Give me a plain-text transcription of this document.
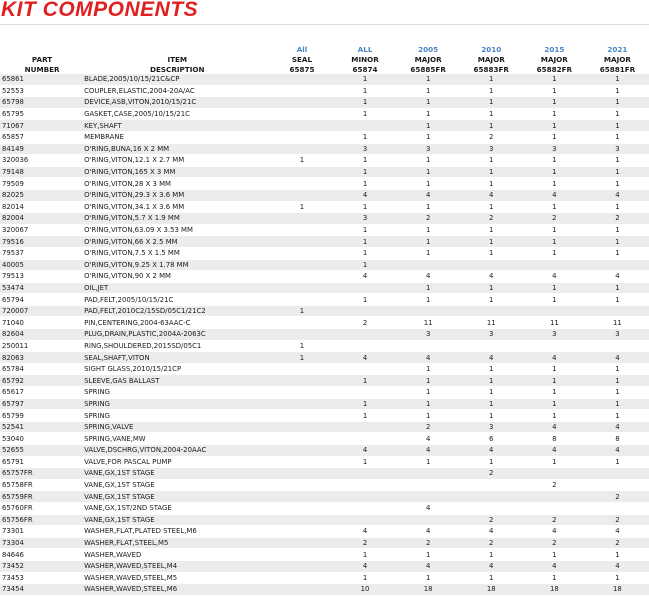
KIT COMPONENTS
		All	ALL	2005	2010	2015	2021
PART	ITEM	SEAL	MINOR	MAJOR	MAJOR	MAJOR	MAJOR
NUMBER	DESCRIPTION	65875	65874	65885FR	65883FR	65882FR	65881FR
65861	BLADE,2005/10/15/21C&CP		1	1	1	1	1
52553	COUPLER,ELASTIC,2004-20A/AC		1	1	1	1	1
65798	DEVICE,ASB,VITON,2010/15/21C		1	1	1	1	1
65795	GASKET,CASE,2005/10/15/21C		1	1	1	1	1
71067	KEY,SHAFT			1	1	1	1
65857	MEMBRANE		1	1	2	1	1
84149	O'RING,BUNA,16 X 2 MM		3	3	3	3	3
320036	O'RING,VITON,12.1 X 2.7 MM	1	1	1	1	1	1
79148	O'RING,VITON,165 X 3 MM		1	1	1	1	1
79509	O'RING,VITON,28 X 3 MM		1	1	1	1	1
82025	O'RING,VITON,29.3 X 3.6 MM		4	4	4	4	4
82014	O'RING,VITON,34.1 X 3.6 MM	1	1	1	1	1	1
82004	O'RING,VITON,5.7 X 1.9 MM		3	2	2	2	2
320067	O'RING,VITON,63.09 X 3.53 MM		1	1	1	1	1
79516	O'RING,VITON,66 X 2.5 MM		1	1	1	1	1
79537	O'RING,VITON,7.5 X 1.5 MM		1	1	1	1	1
40005	O'RING,VITON,9.25 X 1.78 MM		1				
79513	O'RING,VITON,90 X 2 MM		4	4	4	4	4
53474	OIL,JET			1	1	1	1
65794	PAD,FELT,2005/10/15/21C		1	1	1	1	1
720007	PAD,FELT,2010C2/15SD/05C1/21C2	1					
71040	PIN,CENTERING,2004-63AAC-C		2	11	11	11	11
82604	PLUG,DRAIN,PLASTIC,2004A-2063C			3	3	3	3
250011	RING,SHOULDERED,2015SD/05C1	1					
82063	SEAL,SHAFT,VITON	1	4	4	4	4	4
65784	SIGHT GLASS,2010/15/21CP			1	1	1	1
65792	SLEEVE,GAS BALLAST		1	1	1	1	1
65617	SPRING			1	1	1	1
65797	SPRING		1	1	1	1	1
65799	SPRING		1	1	1	1	1
52541	SPRING,VALVE			2	3	4	4
53040	SPRING,VANE,MW			4	6	8	8
52655	VALVE,DSCHRG,VITON,2004-20AAC		4	4	4	4	4
65791	VALVE,FOR PASCAL PUMP		1	1	1	1	1
65757FR	VANE,GX,1ST STAGE				2		
65758FR	VANE,GX,1ST STAGE					2	
65759FR	VANE,GX,1ST STAGE						2
65760FR	VANE,GX,1ST/2ND STAGE			4			
65756FR	VANE,GX,1ST STAGE				2	2	2
73301	WASHER,FLAT,PLATED STEEL,M6		4	4	4	4	4
73304	WASHER,FLAT,STEEL,M5		2	2	2	2	2
84646	WASHER,WAVED		1	1	1	1	1
73452	WASHER,WAVED,STEEL,M4		4	4	4	4	4
73453	WASHER,WAVED,STEEL,M5		1	1	1	1	1
73454	WASHER,WAVED,STEEL,M6		10	18	18	18	18
